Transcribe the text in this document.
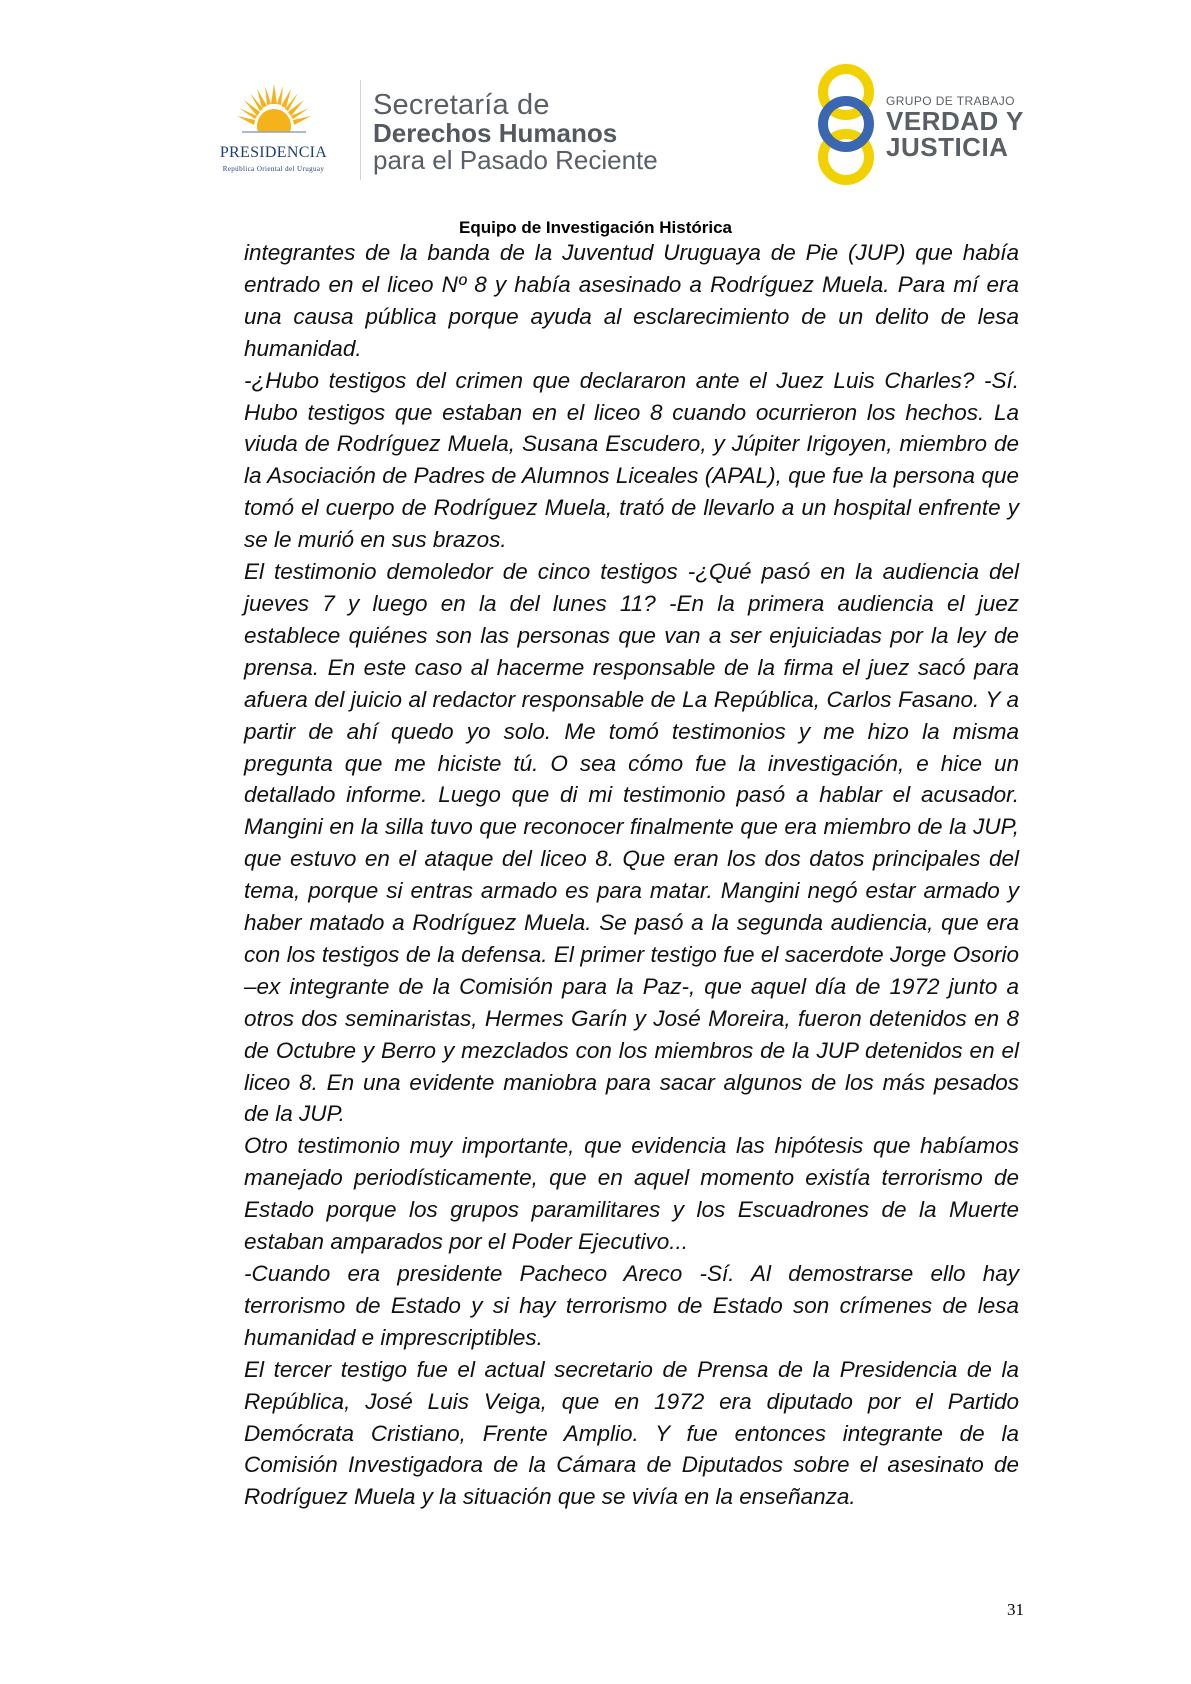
PRESIDENCIA
República Oriental del Uruguay
Secretaría de
Derechos Humanos
para el Pasado Reciente
GRUPO DE TRABAJO
VERDAD Y
JUSTICIA
Equipo de Investigación Histórica

integrantes de la banda de la Juventud Uruguaya de Pie (JUP) que había entrado en el liceo Nº 8 y había asesinado a Rodríguez Muela. Para mí era una causa pública porque ayuda al esclarecimiento de un delito de lesa humanidad.

-¿Hubo testigos del crimen que declararon ante el Juez Luis Charles? -Sí. Hubo testigos que estaban en el liceo 8 cuando ocurrieron los hechos. La viuda de Rodríguez Muela, Susana Escudero, y Júpiter Irigoyen, miembro de la Asociación de Padres de Alumnos Liceales (APAL), que fue la persona que tomó el cuerpo de Rodríguez Muela, trató de llevarlo a un hospital enfrente y se le murió en sus brazos.

El testimonio demoledor de cinco testigos -¿Qué pasó en la audiencia del jueves 7 y luego en la del lunes 11? -En la primera audiencia el juez establece quiénes son las personas que van a ser enjuiciadas por la ley de prensa. En este caso al hacerme responsable de la firma el juez sacó para afuera del juicio al redactor responsable de La República, Carlos Fasano. Y a partir de ahí quedo yo solo. Me tomó testimonios y me hizo la misma pregunta que me hiciste tú. O sea cómo fue la investigación, e hice un detallado informe. Luego que di mi testimonio pasó a hablar el acusador. Mangini en la silla tuvo que reconocer finalmente que era miembro de la JUP, que estuvo en el ataque del liceo 8. Que eran los dos datos principales del tema, porque si entras armado es para matar. Mangini negó estar armado y haber matado a Rodríguez Muela. Se pasó a la segunda audiencia, que era con los testigos de la defensa. El primer testigo fue el sacerdote Jorge Osorio –ex integrante de la Comisión para la Paz-, que aquel día de 1972 junto a otros dos seminaristas, Hermes Garín y José Moreira, fueron detenidos en 8 de Octubre y Berro y mezclados con los miembros de la JUP detenidos en el liceo 8. En una evidente maniobra para sacar algunos de los más pesados de la JUP.

Otro testimonio muy importante, que evidencia las hipótesis que habíamos manejado periodísticamente, que en aquel momento existía terrorismo de Estado porque los grupos paramilitares y los Escuadrones de la Muerte estaban amparados por el Poder Ejecutivo...

-Cuando era presidente Pacheco Areco -Sí. Al demostrarse ello hay terrorismo de Estado y si hay terrorismo de Estado son crímenes de lesa humanidad e imprescriptibles.

El tercer testigo fue el actual secretario de Prensa de la Presidencia de la República, José Luis Veiga, que en 1972 era diputado por el Partido Demócrata Cristiano, Frente Amplio. Y fue entonces integrante de la Comisión Investigadora de la Cámara de Diputados sobre el asesinato de Rodríguez Muela y la situación que se vivía en la enseñanza.

31
